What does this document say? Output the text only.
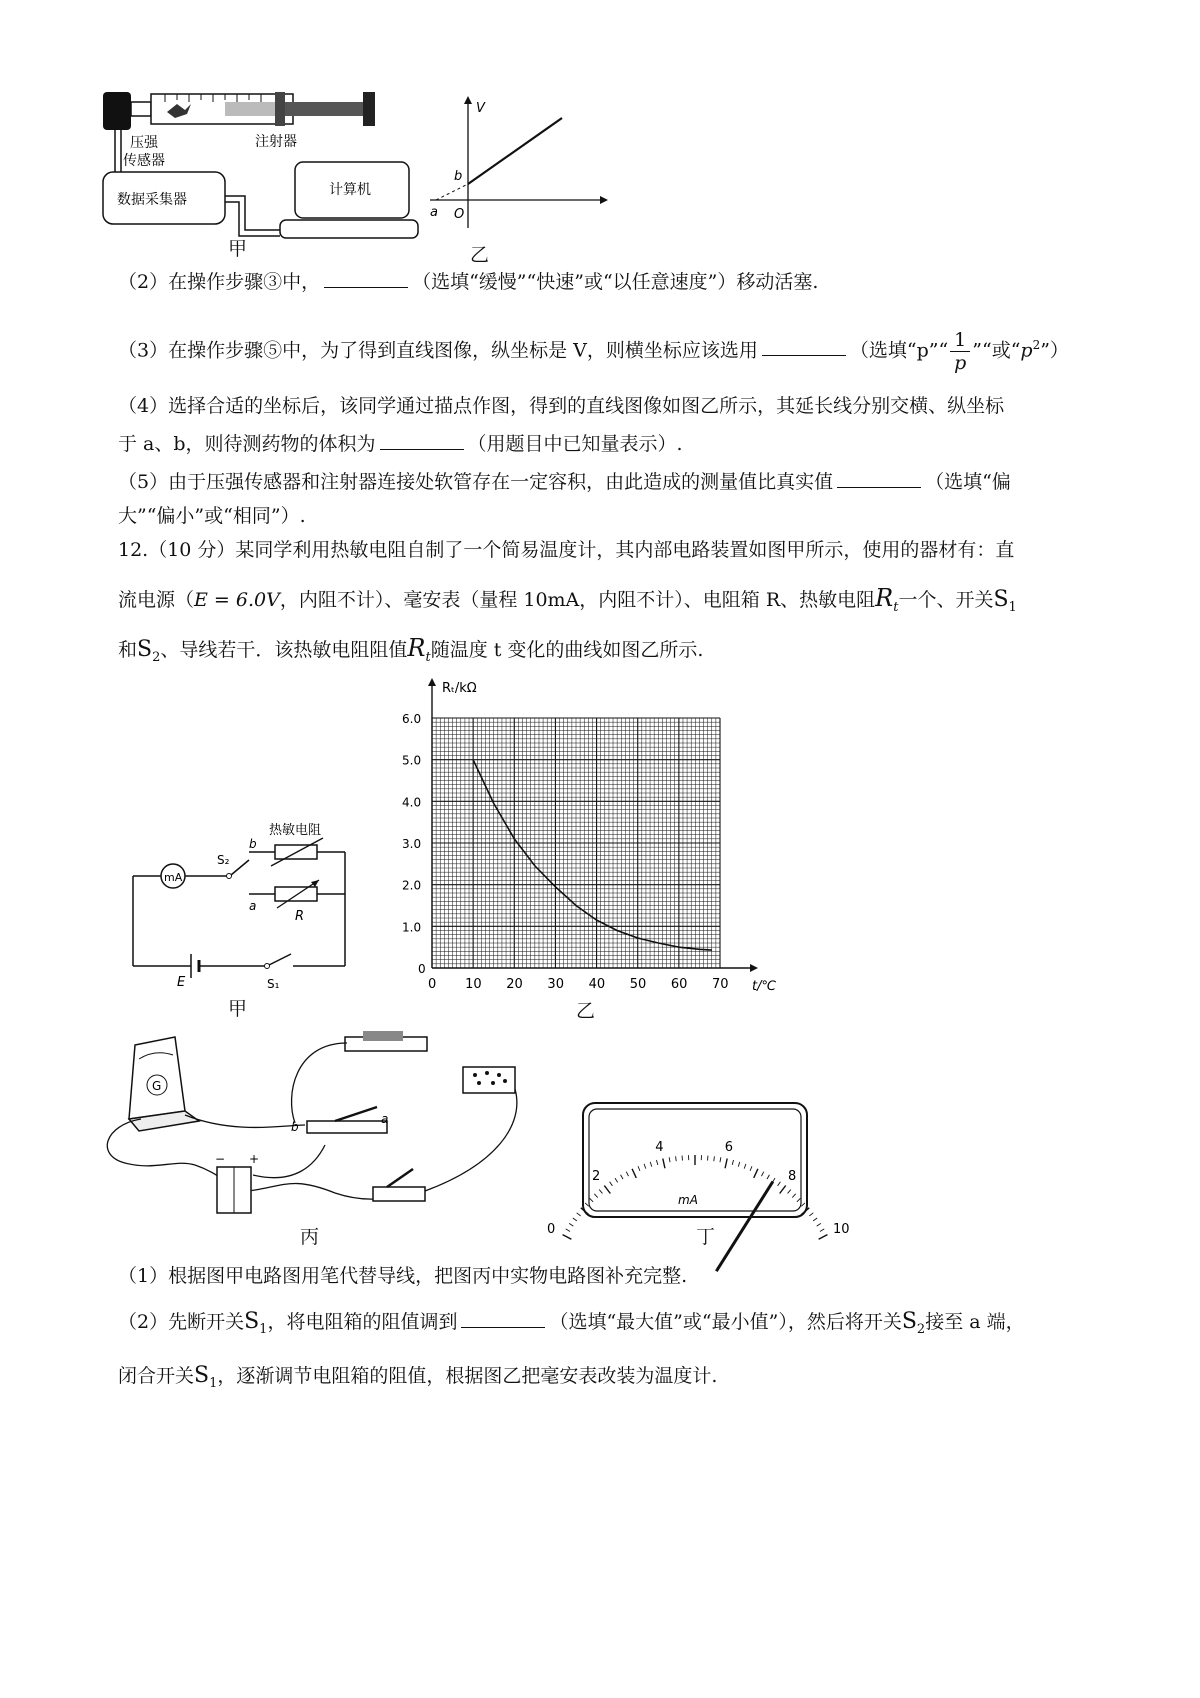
压强
传感器
注射器
数据采集器
计算机
甲
V
b
a O
乙
（2）在操作步骤③中，	（选填“缓慢”“快速”或“以任意速度”）移动活塞.
（3）在操作步骤⑤中，为了得到直线图像，纵坐标是 V，则横坐标应该选用	（选填“p”“ $\frac{1}{p}$ ”“或“$p^2$”）
（4）选择合适的坐标后，该同学通过描点作图，得到的直线图像如图乙所示，其延长线分别交横、纵坐标
于 a、b，则待测药物的体积为	（用题目中已知量表示）.
（5）由于压强传感器和注射器连接处软管存在一定容积，由此造成的测量值比真实值	（选填“偏
大”“偏小”或“相同”）.
12.（10 分）某同学利用热敏电阻自制了一个简易温度计，其内部电路装置如图甲所示，使用的器材有：直
流电源（E = 6.0V，内阻不计）、毫安表（量程 10mA，内阻不计）、电阻箱 R、热敏电阻$R_t$一个、开关$S_1$
和$S_2$、导线若干．该热敏电阻阻值$R_t$随温度 t 变化的曲线如图乙所示.
mA
S₂
b
热敏电阻
a
R
E	S₁
甲
0 10 20 30 40 50 60 70
0
1.0
2.0
3.0
4.0
5.0
6.0
Rₜ/kΩ
t/℃
乙
G
− +
b
a
丙	0
2
4	6
8
10
mA
丁
（1）根据图甲电路图用笔代替导线，把图丙中实物电路图补充完整.
（2）先断开关$S_1$，将电阻箱的阻值调到	（选填“最大值”或“最小值”），然后将开关$S_2$接至 a 端，
闭合开关$S_1$，逐渐调节电阻箱的阻值，根据图乙把毫安表改装为温度计.
